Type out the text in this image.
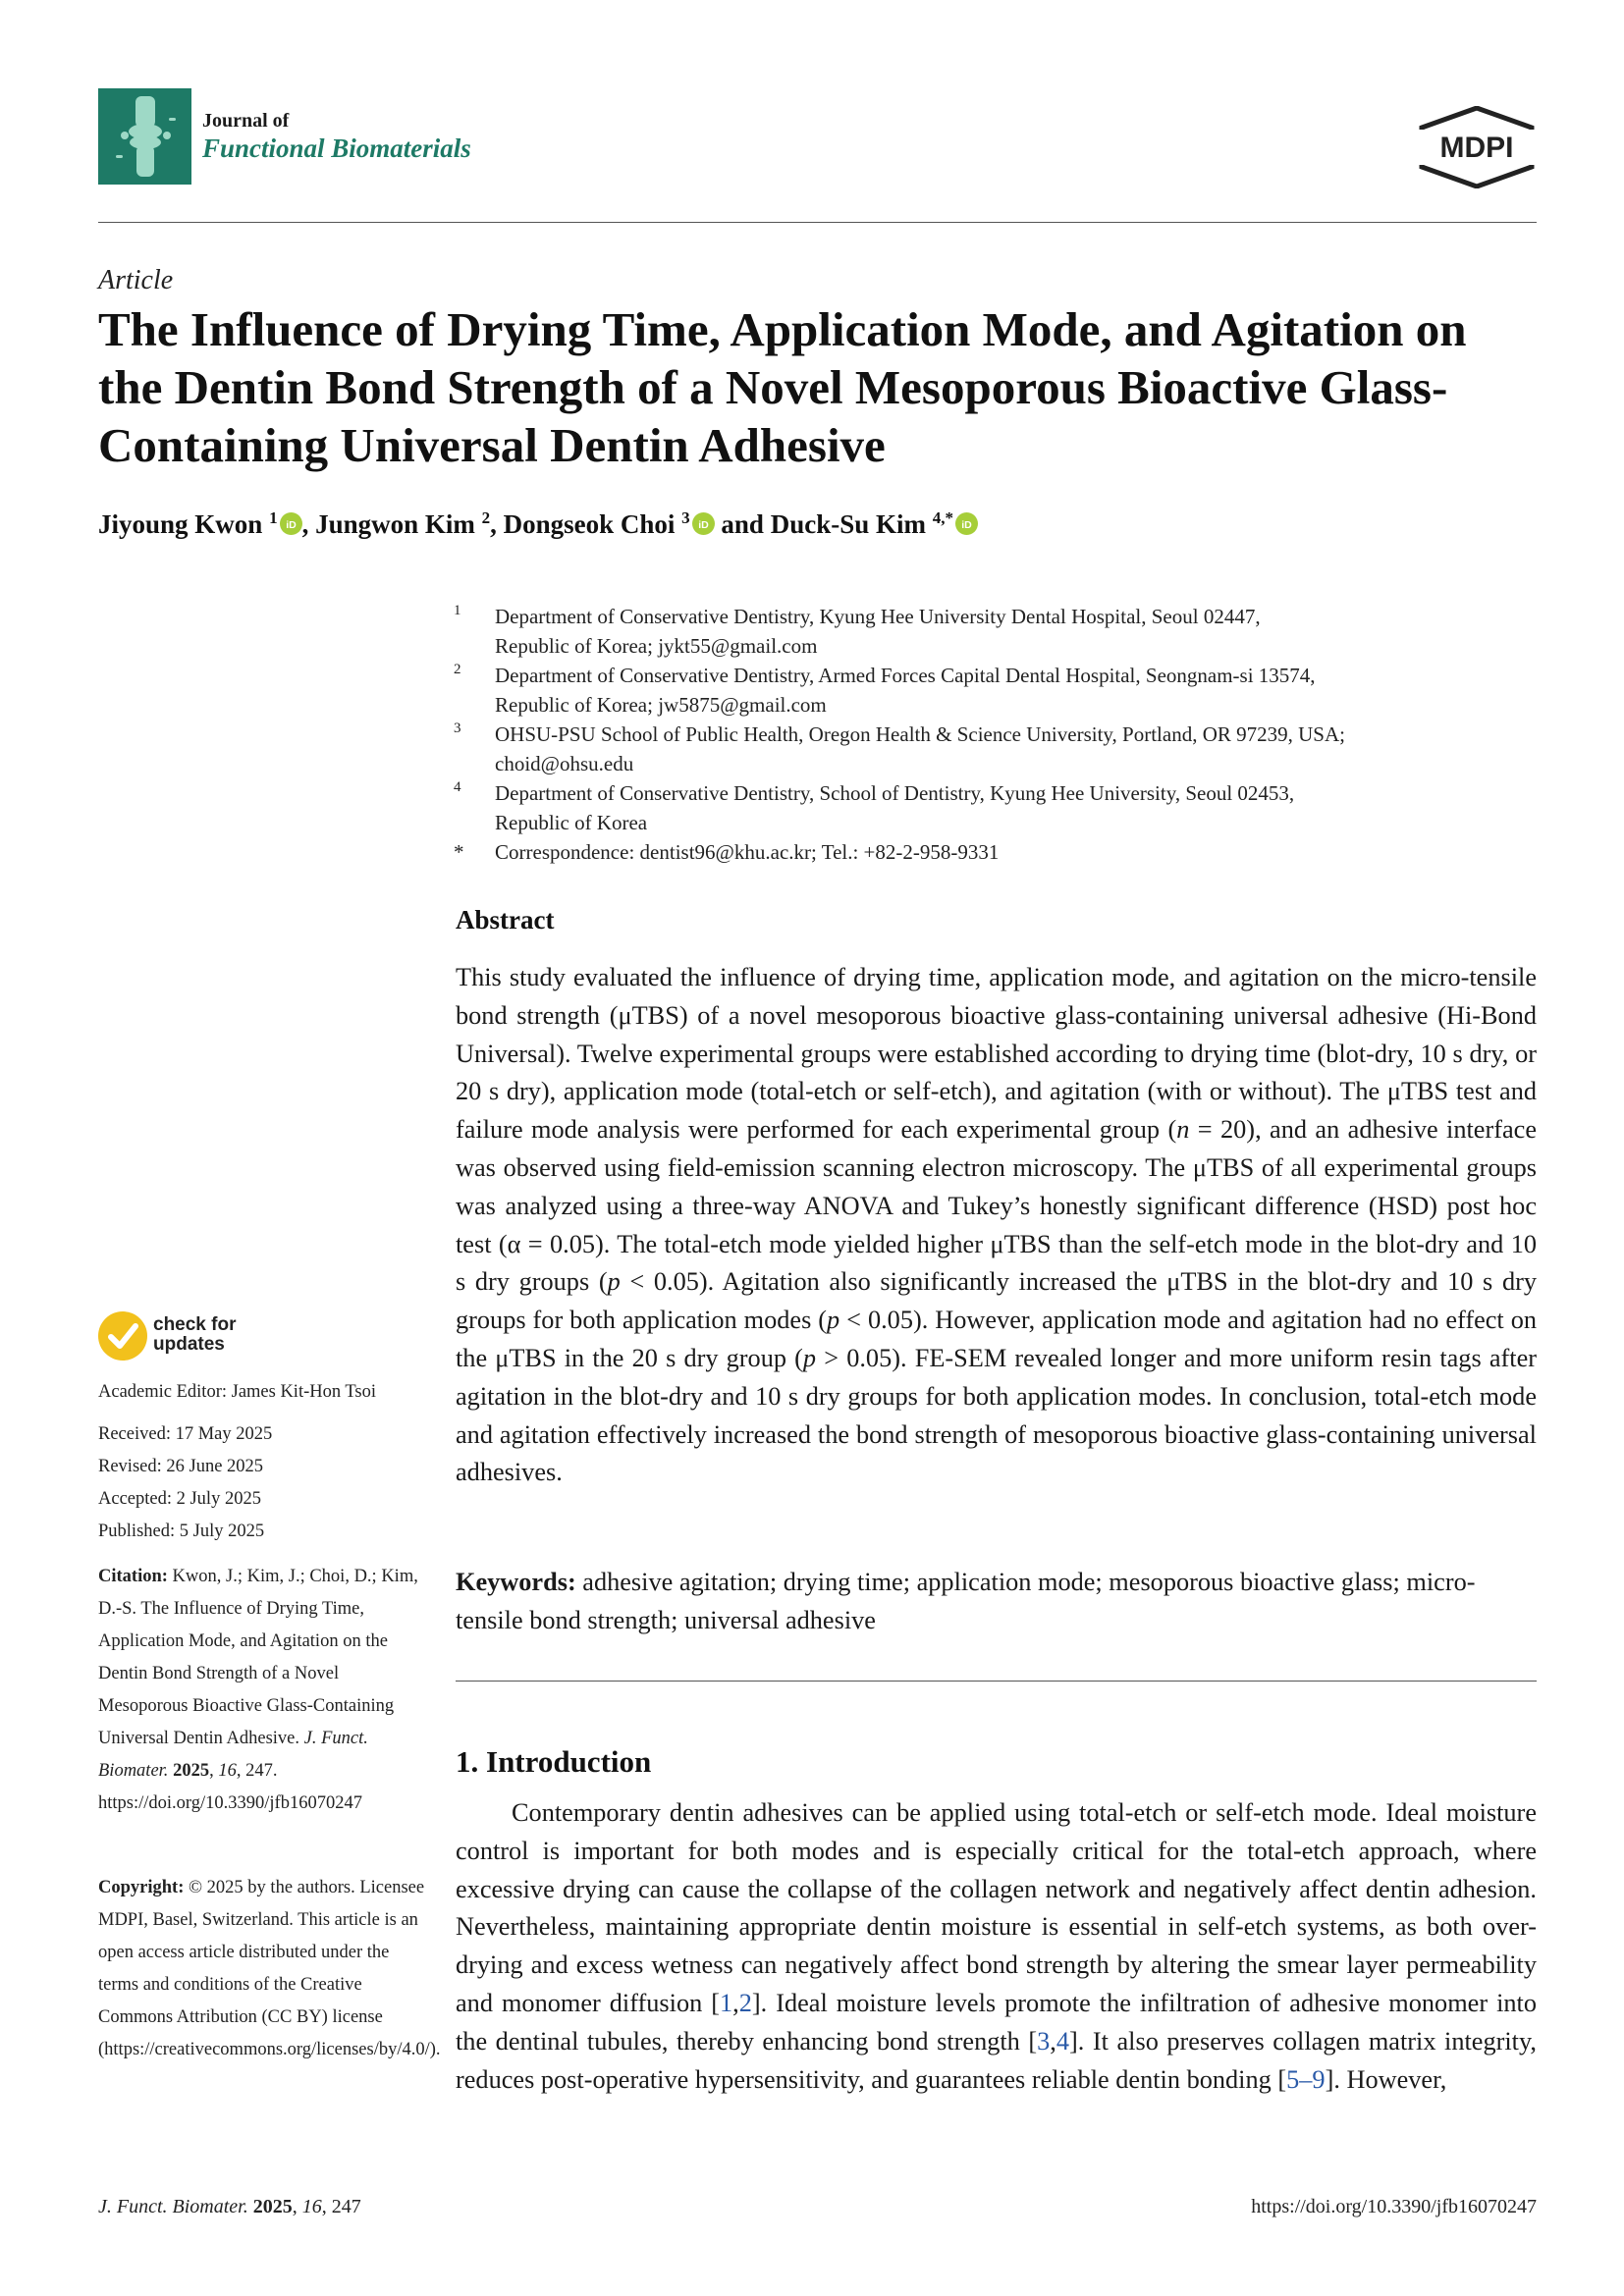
Journal of
Functional Biomaterials	MDPI
Article
The Influence of Drying Time, Application Mode, and Agitation on the Dentin Bond Strength of a Novel Mesoporous Bioactive Glass-Containing Universal Dentin Adhesive
Jiyoung Kwon $^1$ iD , Jungwon Kim $^2$, Dongseok Choi $^3$ iD and Duck-Su Kim $^{4,*}$ iD
1 Department of Conservative Dentistry, Kyung Hee University Dental Hospital, Seoul 02447,
Republic of Korea; jykt55@gmail.com
2 Department of Conservative Dentistry, Armed Forces Capital Dental Hospital, Seongnam-si 13574,
Republic of Korea; jw5875@gmail.com
3 OHSU-PSU School of Public Health, Oregon Health & Science University, Portland, OR 97239, USA;
choid@ohsu.edu
4 Department of Conservative Dentistry, School of Dentistry, Kyung Hee University, Seoul 02453,
Republic of Korea
* Correspondence: dentist96@khu.ac.kr; Tel.: +82-2-958-9331
Abstract

This study evaluated the influence of drying time, application mode, and agitation on the micro-tensile bond strength (μTBS) of a novel mesoporous bioactive glass-containing universal adhesive (Hi-Bond Universal). Twelve experimental groups were established according to drying time (blot-dry, 10 s dry, or 20 s dry), application mode (total-etch or self-etch), and agitation (with or without). The μTBS test and failure mode analysis were performed for each experimental group (n = 20), and an adhesive interface was observed using field-emission scanning electron microscopy. The μTBS of all experimental groups was analyzed using a three-way ANOVA and Tukey’s honestly significant difference (HSD) post hoc test (α = 0.05). The total-etch mode yielded higher μTBS than the self-etch mode in the blot-dry and 10 s dry groups (p < 0.05). Agitation also significantly increased the μTBS in the blot-dry and 10 s dry groups for both application modes (p < 0.05). However, application mode and agitation had no effect on the μTBS in the 20 s dry group (p > 0.05). FE-SEM revealed longer and more uniform resin tags after agitation in the blot-dry and 10 s dry groups for both application modes. In conclusion, total-etch mode and agitation effectively increased the bond strength of mesoporous bioactive glass-containing universal adhesives.

Keywords: adhesive agitation; drying time; application mode; mesoporous bioactive glass; micro-tensile bond strength; universal adhesive

1. Introduction

Contemporary dentin adhesives can be applied using total-etch or self-etch mode. Ideal moisture control is important for both modes and is especially critical for the total-etch approach, where excessive drying can cause the collapse of the collagen network and negatively affect dentin adhesion. Nevertheless, maintaining appropriate dentin moisture is essential in self-etch systems, as both over-drying and excess wetness can negatively affect bond strength by altering the smear layer permeability and monomer diffusion [1,2]. Ideal moisture levels promote the infiltration of adhesive monomer into the dentinal tubules, thereby enhancing bond strength [3,4]. It also preserves collagen matrix integrity, reduces post-operative hypersensitivity, and guarantees reliable dentin bonding [5–9]. However,

check for
updates
Academic Editor: James Kit-Hon Tsoi

Received: 17 May 2025

Revised: 26 June 2025

Accepted: 2 July 2025

Published: 5 July 2025

Citation: Kwon, J.; Kim, J.; Choi, D.; Kim, D.-S. The Influence of Drying Time, Application Mode, and Agitation on the Dentin Bond Strength of a Novel Mesoporous Bioactive Glass-Containing Universal Dentin Adhesive. J. Funct. Biomater. 2025, 16, 247. https://doi.org/10.3390/jfb16070247

Copyright: © 2025 by the authors. Licensee MDPI, Basel, Switzerland. This article is an open access article distributed under the terms and conditions of the Creative Commons Attribution (CC BY) license (https://creativecommons.org/licenses/by/4.0/).

J. Funct. Biomater. 2025, 16, 247	https://doi.org/10.3390/jfb16070247
